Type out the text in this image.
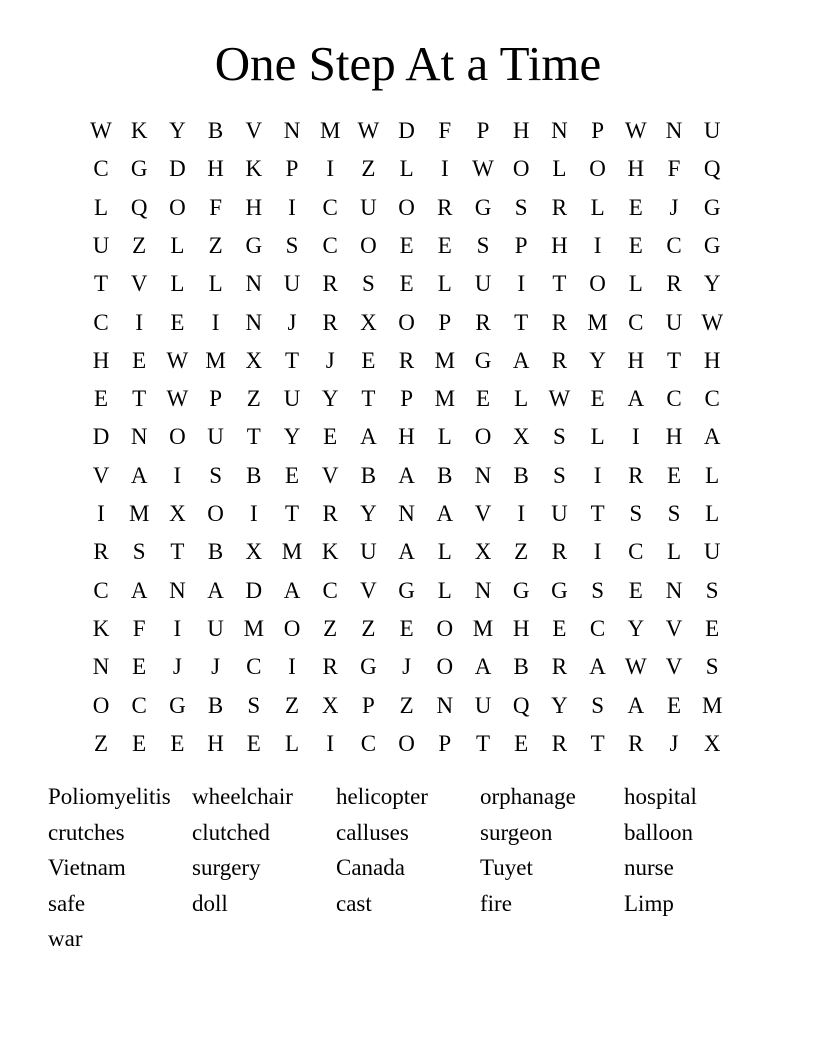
One Step At a Time
W K Y B V N M W D	F	P	H N	P W N U
C G D H K	P	I	Z	L	I	W O L O H	F	Q
L Q O	F	H	I	C U O R G	S	R	L	E	J	G
U Z	L	Z G	S	C O E	E	S	P	H	I	E	C G
T V L	L N U R	S	E	L U	I	T O L	R Y
C	I	E	I	N	J	R X O	P	R	T	R M C U W
H E W M X T	J	E	R M G A R Y H T H
E	T W P	Z U Y T	P M E	L W E A C C
D N O U T Y E A H L O X	S	L	I	H A
V A	I	S	B	E V B A B N B	S	I	R	E	L
I	M X O	I	T	R Y N A V	I	U T	S	S	L
R	S	T	B X M K U A L X Z	R	I	C	L U
C A N A D A C V G L N G G	S	E N	S
K	F	I	U M O Z	Z	E O M H E	C Y V E
N E	J	J	C	I	R G	J	O A B R A W V	S
O C G B	S	Z X	P	Z N U Q Y	S	A E M
Z	E	E H E	L	I	C O	P	T	E	R	T	R	J	X
Poliomyelitis wheelchair helicopter orphanage hospital
crutches	clutched	calluses	surgeon	balloon
Vietnam	surgery	Canada	Tuyet	nurse
safe	doll	cast	fire	Limp
war
